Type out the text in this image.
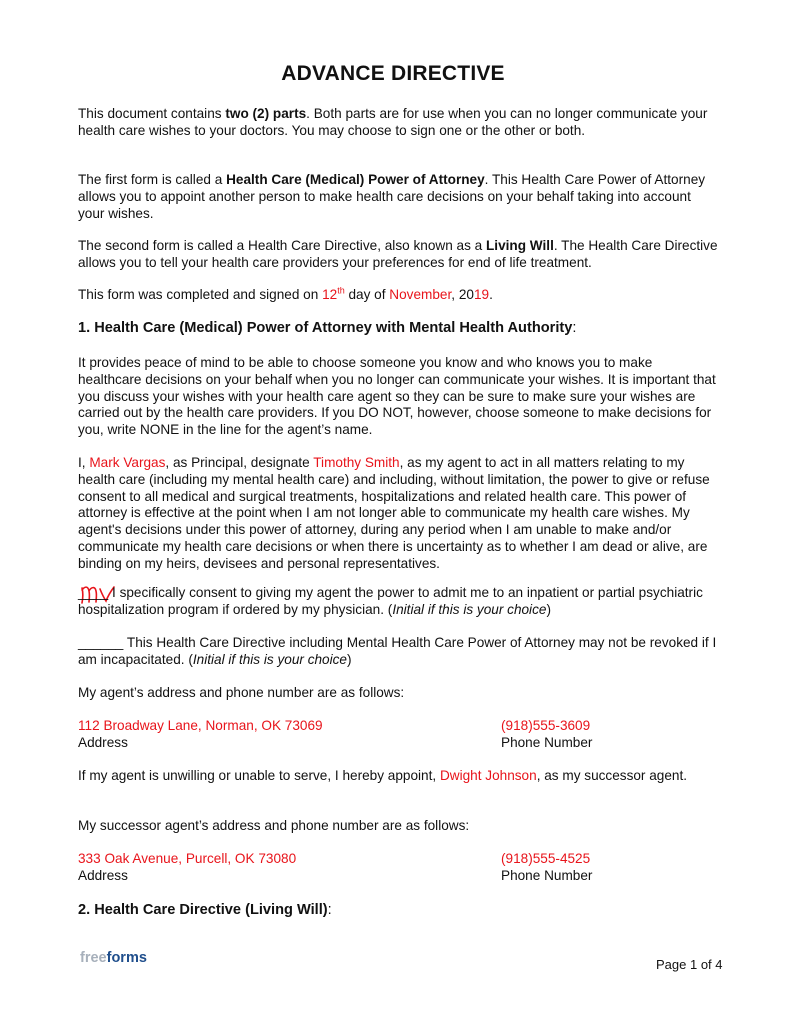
ADVANCE DIRECTIVE

This document contains two (2) parts. Both parts are for use when you can no longer communicate your health care wishes to your doctors. You may choose to sign one or the other or both.

The first form is called a Health Care (Medical) Power of Attorney. This Health Care Power of Attorney allows you to appoint another person to make health care decisions on your behalf taking into account your wishes.

The second form is called a Health Care Directive, also known as a Living Will. The Health Care Directive allows you to tell your health care providers your preferences for end of life treatment.

This form was completed and signed on 12th day of November, 2019.

1. Health Care (Medical) Power of Attorney with Mental Health Authority:

It provides peace of mind to be able to choose someone you know and who knows you to make healthcare decisions on your behalf when you no longer can communicate your wishes. It is important that you discuss your wishes with your health care agent so they can be sure to make sure your wishes are carried out by the health care providers. If you DO NOT, however, choose someone to make decisions for you, write NONE in the line for the agent’s name.

I, Mark Vargas, as Principal, designate Timothy Smith, as my agent to act in all matters relating to my health care (including my mental health care) and including, without limitation, the power to give or refuse consent to all medical and surgical treatments, hospitalizations and related health care. This power of attorney is effective at the point when I am not longer able to communicate my health care wishes. My agent's decisions under this power of attorney, during any period when I am unable to make and/or communicate my health care decisions or when there is uncertainty as to whether I am dead or alive, are binding on my heirs, devisees and personal representatives.

____ I specifically consent to giving my agent the power to admit me to an inpatient or partial psychiatric hospitalization program if ordered by my physician. (Initial if this is your choice)

______ This Health Care Directive including Mental Health Care Power of Attorney may not be revoked if I am incapacitated. (Initial if this is your choice)

My agent’s address and phone number are as follows:

112 Broadway Lane, Norman, OK 73069	(918)555-3609
Address	Phone Number

If my agent is unwilling or unable to serve, I hereby appoint, Dwight Johnson, as my successor agent.

My successor agent’s address and phone number are as follows:

333 Oak Avenue, Purcell, OK 73080	(918)555-4525
Address	Phone Number
2. Health Care Directive (Living Will):
freeforms	Page 1 of 4
